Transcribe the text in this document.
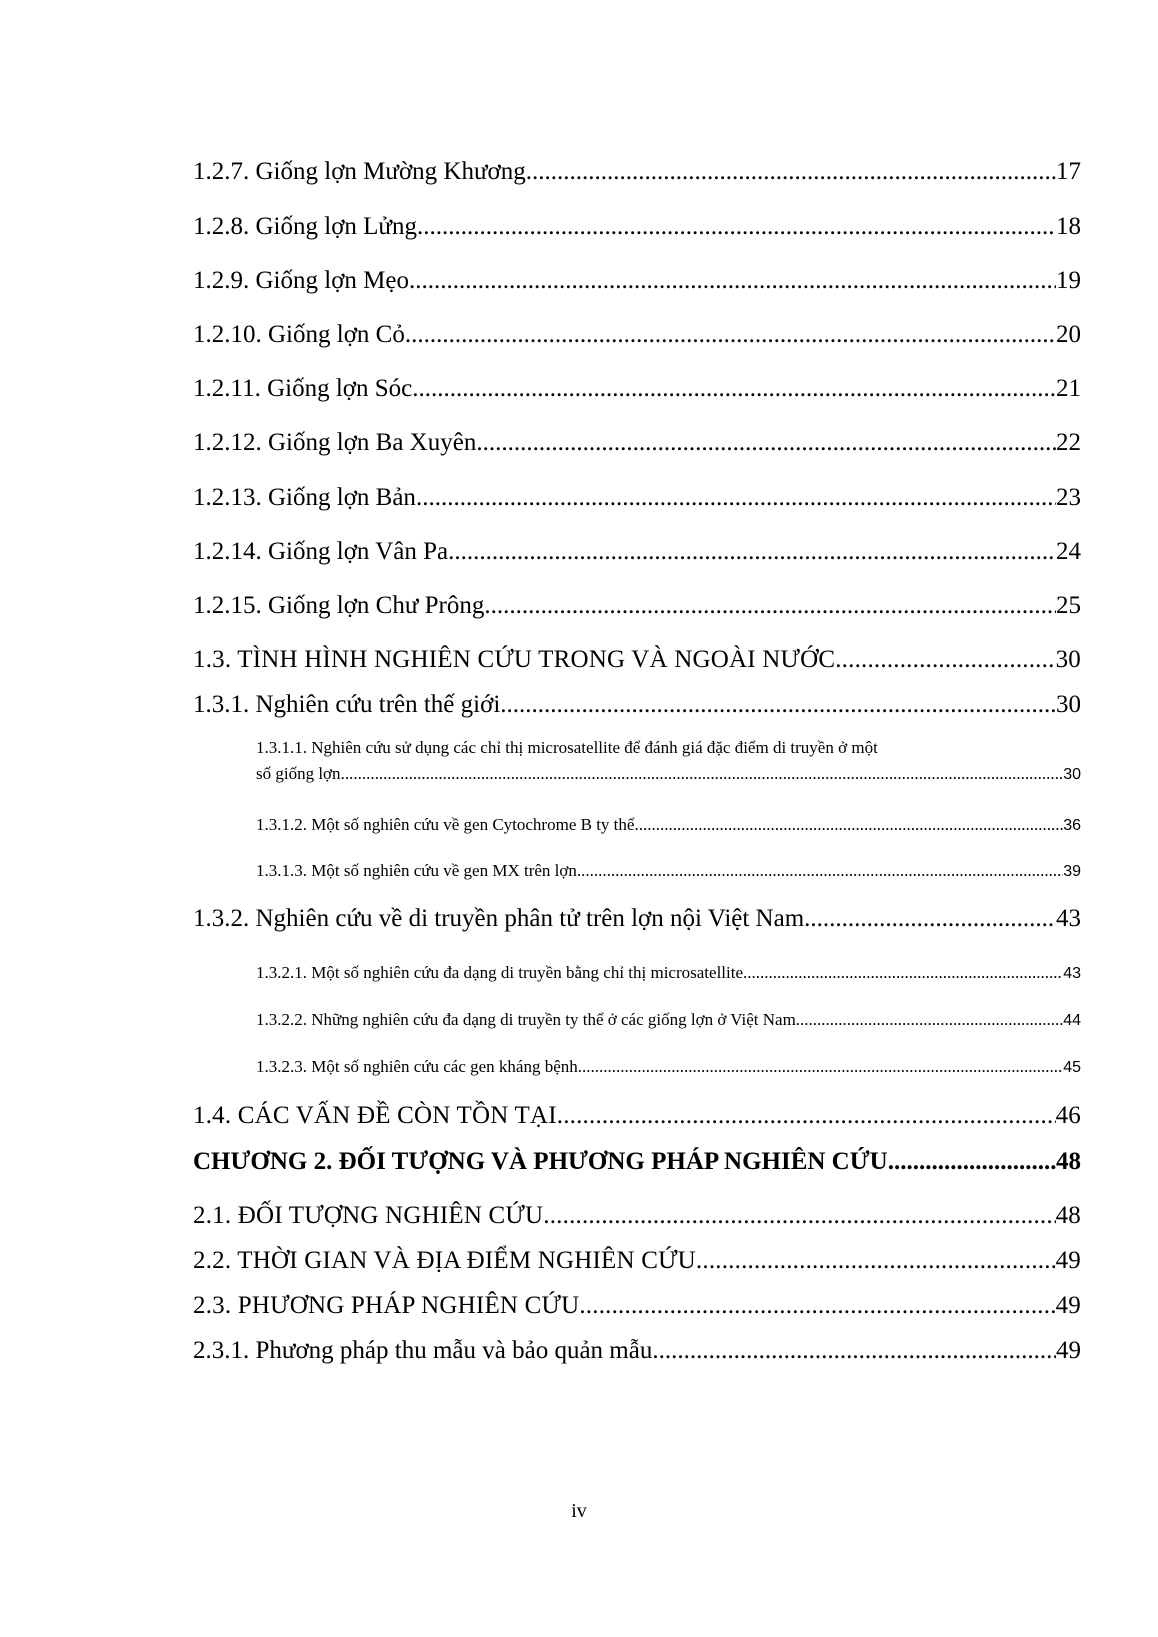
1.2.7. Giống lợn Mường Khương .....	17
1.2.8. Giống lợn Lửng .....	18
1.2.9. Giống lợn Mẹo .....	19
1.2.10. Giống lợn Cỏ .....	20
1.2.11. Giống lợn Sóc .....	21
1.2.12. Giống lợn Ba Xuyên .....	22
1.2.13. Giống lợn Bản .....	23
1.2.14. Giống lợn Vân Pa .....	24
1.2.15. Giống lợn Chư Prông .....	25
1.3. TÌNH HÌNH NGHIÊN CỨU TRONG VÀ NGOÀI NƯỚC .....	30
1.3.1. Nghiên cứu trên thế giới .....	30
1.3.1.1. Nghiên cứu sử dụng các chỉ thị microsatellite để đánh giá đặc điểm di truyền ở một
số giống lợn .....	30
1.3.1.2. Một số nghiên cứu về gen Cytochrome B ty thể .....	36
1.3.1.3. Một số nghiên cứu về gen MX trên lợn .....	39
1.3.2. Nghiên cứu về di truyền phân tử trên lợn nội Việt Nam .....	43
1.3.2.1. Một số nghiên cứu đa dạng di truyền bằng chỉ thị microsatellite .....	43
1.3.2.2. Những nghiên cứu đa dạng di truyền ty thể ở các giống lợn ở Việt Nam .....	44
1.3.2.3. Một số nghiên cứu các gen kháng bệnh .....	45
1.4. CÁC VẤN ĐỀ CÒN TỒN TẠI .....	46
CHƯƠNG 2. ĐỐI TƯỢNG VÀ PHƯƠNG PHÁP NGHIÊN CỨU .....	48
2.1. ĐỐI TƯỢNG NGHIÊN CỨU .....	48
2.2. THỜI GIAN VÀ ĐỊA ĐIỂM NGHIÊN CỨU .....	49
2.3. PHƯƠNG PHÁP NGHIÊN CỨU .....	49
2.3.1. Phương pháp thu mẫu và bảo quản mẫu .....	49
iv
